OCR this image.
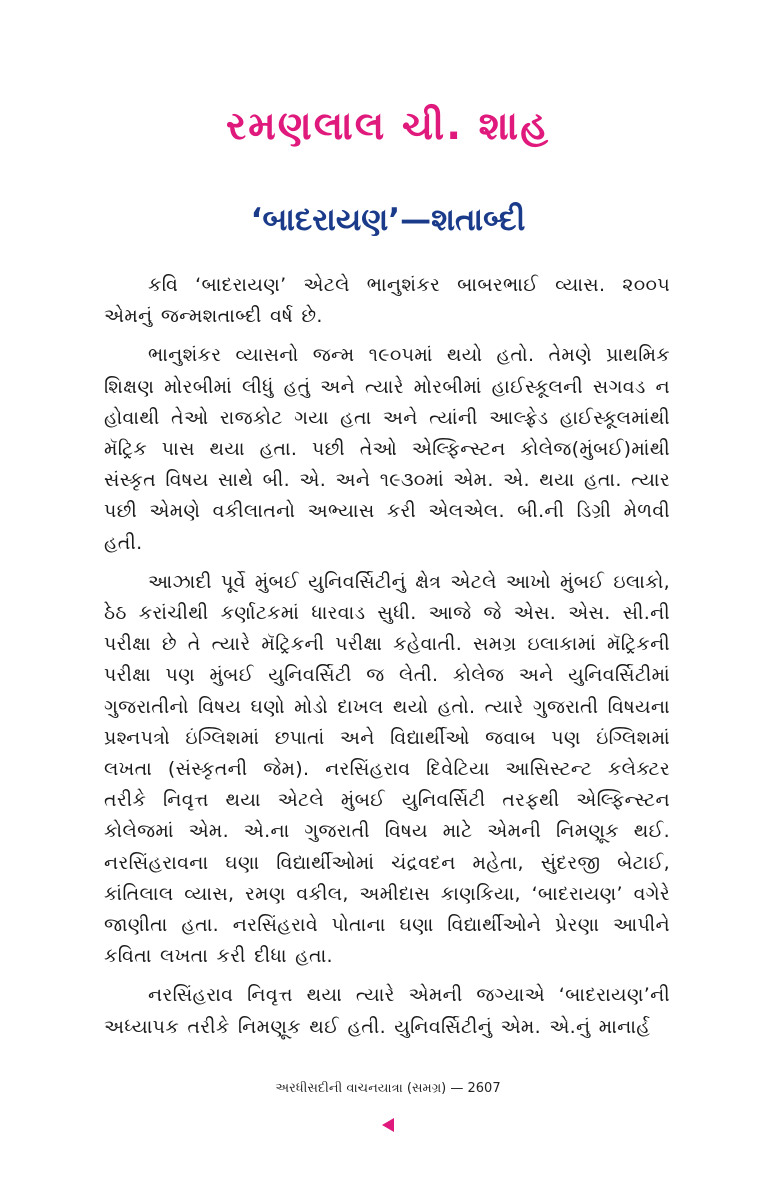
રમણલાલ ચી. શાહ
‘બાદરાયણ’—શતાબ્દી

કવિ ‘બાદરાયણ’ એટલે ભાનુશંકર બાબરભાઈ વ્યાસ. ૨૦૦૫ એમનું જન્મશતાબ્દી વર્ષ છે.

ભાનુશંકર વ્યાસનો જન્મ ૧૯૦૫માં થયો હતો. તેમણે પ્રાથમિક શિક્ષણ મોરબીમાં લીધું હતું અને ત્યારે મોરબીમાં હાઈસ્કૂલની સગવડ ન હોવાથી તેઓ રાજકોટ ગયા હતા અને ત્યાંની આલ્ફ્રેડ હાઈસ્કૂલમાંથી મૅટ્રિક પાસ થયા હતા. પછી તેઓ એલ્ફિન્સ્ટન કોલેજ(મુંબઈ)માંથી સંસ્કૃત વિષય સાથે બી. એ. અને ૧૯૩૦માં એમ. એ. થયા હતા. ત્યાર પછી એમણે વકીલાતનો અભ્યાસ કરી એલએલ. બી.ની ડિગ્રી મેળવી હતી.

આઝાદી પૂર્વે મુંબઈ યુનિવર્સિટીનું ક્ષેત્ર એટલે આખો મુંબઈ ઇલાકો, ઠેઠ કરાંચીથી કર્ણાટકમાં ધારવાડ સુધી. આજે જે એસ. એસ. સી.ની પરીક્ષા છે તે ત્યારે મૅટ્રિકની પરીક્ષા કહેવાતી. સમગ્ર ઇલાકામાં મૅટ્રિકની પરીક્ષા પણ મુંબઈ યુનિવર્સિટી જ લેતી. કોલેજ અને યુનિવર્સિટીમાં ગુજરાતીનો વિષય ઘણો મોડો દાખલ થયો હતો. ત્યારે ગુજરાતી વિષયના પ્રશ્નપત્રો ઇંગ્લિશમાં છપાતાં અને વિદ્યાર્થીઓ જવાબ પણ ઇંગ્લિશમાં લખતા (સંસ્કૃતની જેમ). નરસિંહરાવ દિવેટિયા આસિસ્ટન્ટ કલેક્ટર તરીકે નિવૃત્ત થયા એટલે મુંબઈ યુનિવર્સિટી તરફથી એલ્ફિન્સ્ટન કોલેજમાં એમ. એ.ના ગુજરાતી વિષય માટે એમની નિમણૂક થઈ. નરસિંહરાવના ઘણા વિદ્યાર્થીઓમાં ચંદ્રવદન મહેતા, સુંદરજી બેટાઈ, કાંતિલાલ વ્યાસ, રમણ વકીલ, અમીદાસ કાણકિયા, ‘બાદરાયણ’ વગેરે જાણીતા હતા. નરસિંહરાવે પોતાના ઘણા વિદ્યાર્થીઓને પ્રેરણા આપીને કવિતા લખતા કરી દીધા હતા.

નરસિંહરાવ નિવૃત્ત થયા ત્યારે એમની જગ્યાએ ‘બાદરાયણ’ની અધ્યાપક તરીકે નિમણૂક થઈ હતી. યુનિવર્સિટીનું એમ. એ.નું માનાર્હ

અરધીસદીની વાચનયાત્રા (સમગ્ર) — 2607
